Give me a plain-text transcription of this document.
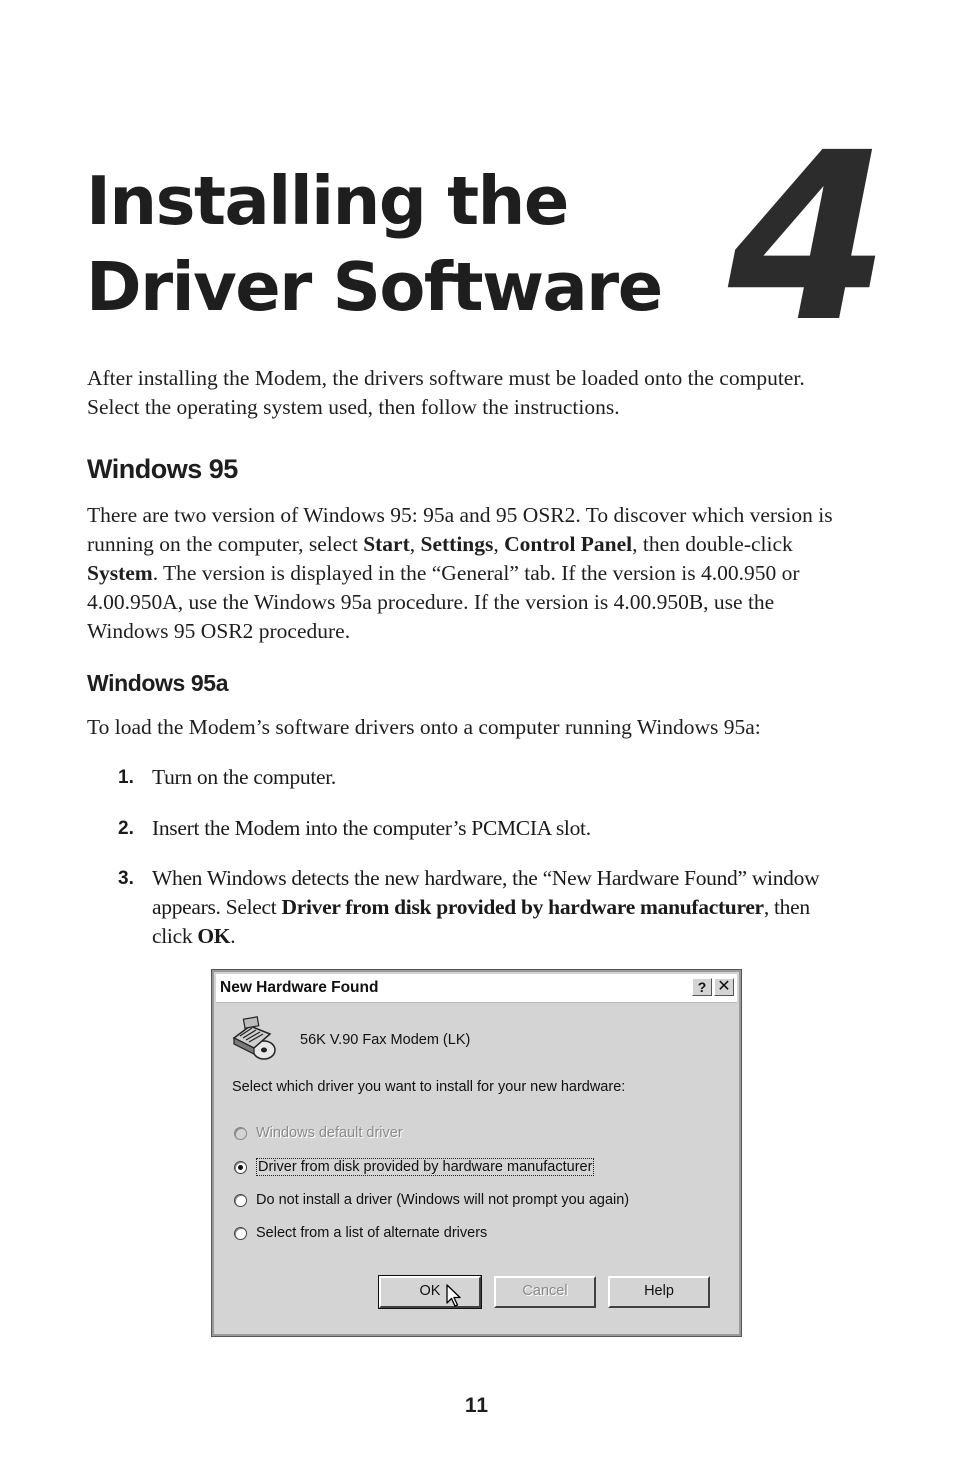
Installing the
Driver Software 4

After installing the Modem, the drivers software must be loaded onto the computer. Select the operating system used, then follow the instructions.

Windows 95

There are two version of Windows 95: 95a and 95 OSR2. To discover which version is running on the computer, select Start, Settings, Control Panel, then double-click System. The version is displayed in the “General” tab. If the version is 4.00.950 or 4.00.950A, use the Windows 95a procedure. If the version is 4.00.950B, use the Windows 95 OSR2 procedure.

Windows 95a

To load the Modem’s software drivers onto a computer running Windows 95a:

1. Turn on the computer.
2. Insert the Modem into the computer’s PCMCIA slot.
3. When Windows detects the new hardware, the “New Hardware Found” window appears. Select Driver from disk provided by hardware manufacturer, then click OK.
New Hardware Found	? ✕
56K V.90 Fax Modem (LK)
Select which driver you want to install for your new hardware:
Windows default driver
Driver from disk provided by hardware manufacturer
Do not install a driver (Windows will not prompt you again)
Select from a list of alternate drivers
OK	Cancel	Help
11
